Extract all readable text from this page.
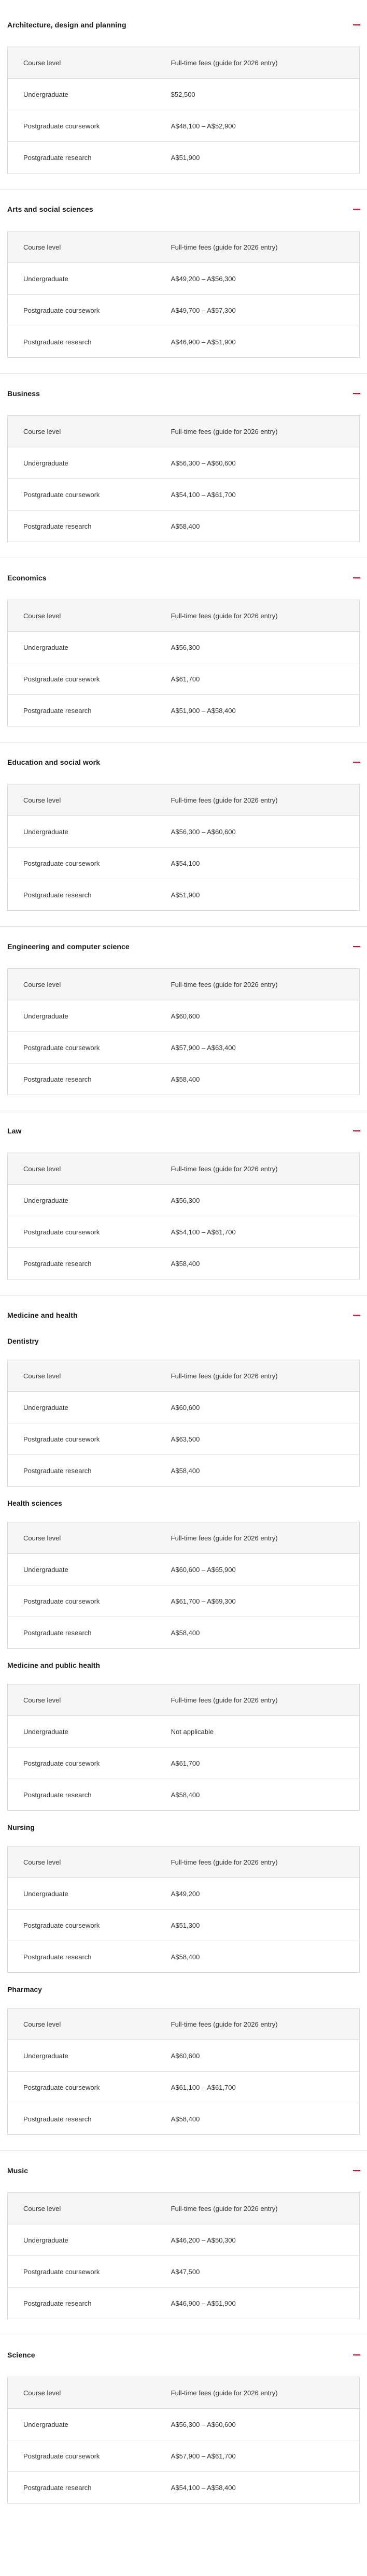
Architecture, design and planning
Course level	Full-time fees (guide for 2026 entry)
Undergraduate	$52,500
Postgraduate coursework	A$48,100 – A$52,900
Postgraduate research	A$51,900
Arts and social sciences
Course level	Full-time fees (guide for 2026 entry)
Undergraduate	A$49,200 – A$56,300
Postgraduate coursework	A$49,700 – A$57,300
Postgraduate research	A$46,900 – A$51,900
Business
Course level	Full-time fees (guide for 2026 entry)
Undergraduate	A$56,300 – A$60,600
Postgraduate coursework	A$54,100 – A$61,700
Postgraduate research	A$58,400
Economics
Course level	Full-time fees (guide for 2026 entry)
Undergraduate	A$56,300
Postgraduate coursework	A$61,700
Postgraduate research	A$51,900 – A$58,400
Education and social work
Course level	Full-time fees (guide for 2026 entry)
Undergraduate	A$56,300 – A$60,600
Postgraduate coursework	A$54,100
Postgraduate research	A$51,900
Engineering and computer science
Course level	Full-time fees (guide for 2026 entry)
Undergraduate	A$60,600
Postgraduate coursework	A$57,900 – A$63,400
Postgraduate research	A$58,400
Law
Course level	Full-time fees (guide for 2026 entry)
Undergraduate	A$56,300
Postgraduate coursework	A$54,100 – A$61,700
Postgraduate research	A$58,400
Medicine and health
Dentistry
Course level	Full-time fees (guide for 2026 entry)
Undergraduate	A$60,600
Postgraduate coursework	A$63,500
Postgraduate research	A$58,400
Health sciences
Course level	Full-time fees (guide for 2026 entry)
Undergraduate	A$60,600 – A$65,900
Postgraduate coursework	A$61,700 – A$69,300
Postgraduate research	A$58,400
Medicine and public health
Course level	Full-time fees (guide for 2026 entry)
Undergraduate	Not applicable
Postgraduate coursework	A$61,700
Postgraduate research	A$58,400
Nursing
Course level	Full-time fees (guide for 2026 entry)
Undergraduate	A$49,200
Postgraduate coursework	A$51,300
Postgraduate research	A$58,400
Pharmacy
Course level	Full-time fees (guide for 2026 entry)
Undergraduate	A$60,600
Postgraduate coursework	A$61,100 – A$61,700
Postgraduate research	A$58,400
Music
Course level	Full-time fees (guide for 2026 entry)
Undergraduate	A$46,200 – A$50,300
Postgraduate coursework	A$47,500
Postgraduate research	A$46,900 – A$51,900
Science
Course level	Full-time fees (guide for 2026 entry)
Undergraduate	A$56,300 – A$60,600
Postgraduate coursework	A$57,900 – A$61,700
Postgraduate research	A$54,100 – A$58,400
